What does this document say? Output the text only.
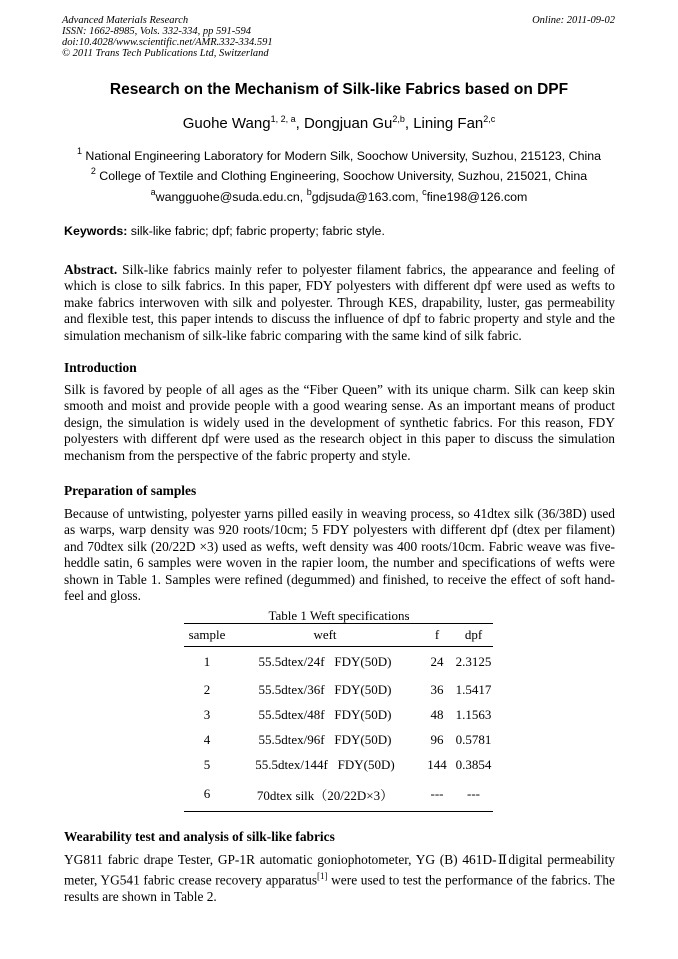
Advanced Materials Research
ISSN: 1662-8985, Vols. 332-334, pp 591-594
doi:10.4028/www.scientific.net/AMR.332-334.591
© 2011 Trans Tech Publications Ltd, Switzerland
Online: 2011-09-02
Research on the Mechanism of Silk-like Fabrics based on DPF
Guohe Wang$^{1, 2, a}$, Dongjuan Gu$^{2,b}$, Lining Fan$^{2,c}$
$^1$ National Engineering Laboratory for Modern Silk, Soochow University, Suzhou, 215123, China
$^2$ College of Textile and Clothing Engineering, Soochow University, Suzhou, 215021, China
$^a$wangguohe@suda.edu.cn, $^b$gdjsuda@163.com, $^c$fine198@126.com
Keywords: silk-like fabric; dpf; fabric property; fabric style.

Abstract. Silk-like fabrics mainly refer to polyester filament fabrics, the appearance and feeling of which is close to silk fabrics. In this paper, FDY polyesters with different dpf were used as wefts to make fabrics interwoven with silk and polyester. Through KES, drapability, luster, gas permeability and flexible test, this paper intends to discuss the influence of dpf to fabric property and style and the simulation mechanism of silk-like fabric comparing with the same kind of silk fabric.

Introduction

Silk is favored by people of all ages as the “Fiber Queen” with its unique charm. Silk can keep skin smooth and moist and provide people with a good wearing sense. As an important means of product design, the simulation is widely used in the development of synthetic fabrics. For this reason, FDY polyesters with different dpf were used as the research object in this paper to discuss the simulation mechanism from the perspective of the fabric property and style.

Preparation of samples

Because of untwisting, polyester yarns pilled easily in weaving process, so 41dtex silk (36/38D) used as warps, warp density was 920 roots/10cm; 5 FDY polyesters with different dpf (dtex per filament) and 70dtex silk (20/22D ×3) used as wefts, weft density was 400 roots/10cm. Fabric weave was five-heddle satin, 6 samples were woven in the rapier loom, the number and specifications of wefts were shown in Table 1. Samples were refined (degummed) and finished, to receive the effect of soft hand-feel and gloss.

Table 1 Weft specifications
sample	weft	f	dpf
1	55.5dtex/24f   FDY(50D)	24	2.3125
2	55.5dtex/36f   FDY(50D)	36	1.5417
3	55.5dtex/48f   FDY(50D)	48	1.1563
4	55.5dtex/96f   FDY(50D)	96	0.5781
5	55.5dtex/144f   FDY(50D)	144	0.3854
6	70dtex silk（20/22D×3）	---	---

Wearability test and analysis of silk-like fabrics

YG811 fabric drape Tester, GP-1R automatic goniophotometer, YG (B) 461D-Ⅱdigital permeability meter, YG541 fabric crease recovery apparatus[1] were used to test the performance of the fabrics. The results are shown in Table 2.
